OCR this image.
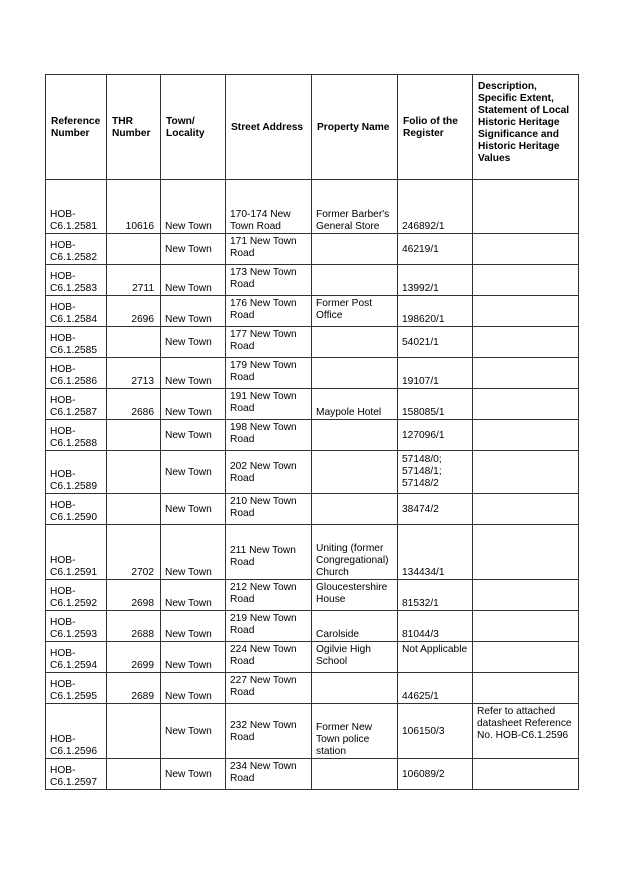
Reference Number	THR Number	Town/ Locality	Street Address	Property Name	Folio of the Register	Description, Specific Extent, Statement of Local Historic Heritage Significance and Historic Heritage Values
HOB-C6.1.2581	10616	New Town	170-174 New Town Road	Former Barber's General Store	246892/1	
HOB-C6.1.2582		New Town	171 New Town Road		46219/1	
HOB-C6.1.2583	2711	New Town	173 New Town Road		13992/1	
HOB-C6.1.2584	2696	New Town	176 New Town Road	Former Post Office	198620/1	
HOB-C6.1.2585		New Town	177 New Town Road		54021/1	
HOB-C6.1.2586	2713	New Town	179 New Town Road		19107/1	
HOB-C6.1.2587	2686	New Town	191 New Town Road	Maypole Hotel	158085/1	
HOB-C6.1.2588		New Town	198 New Town Road		127096/1	
HOB-C6.1.2589		New Town	202 New Town Road		57148/0; 57148/1; 57148/2	
HOB-C6.1.2590		New Town	210 New Town Road		38474/2	
HOB-C6.1.2591	2702	New Town	211 New Town Road	Uniting (former Congregational) Church	134434/1	
HOB-C6.1.2592	2698	New Town	212 New Town Road	Gloucestershire House	81532/1	
HOB-C6.1.2593	2688	New Town	219 New Town Road	Carolside	81044/3	
HOB-C6.1.2594	2699	New Town	224 New Town Road	Ogilvie High School	Not Applicable	
HOB-C6.1.2595	2689	New Town	227 New Town Road		44625/1	
HOB-C6.1.2596		New Town	232 New Town Road	Former New Town police station	106150/3	Refer to attached datasheet Reference No. HOB-C6.1.2596
HOB-C6.1.2597		New Town	234 New Town Road		106089/2	
